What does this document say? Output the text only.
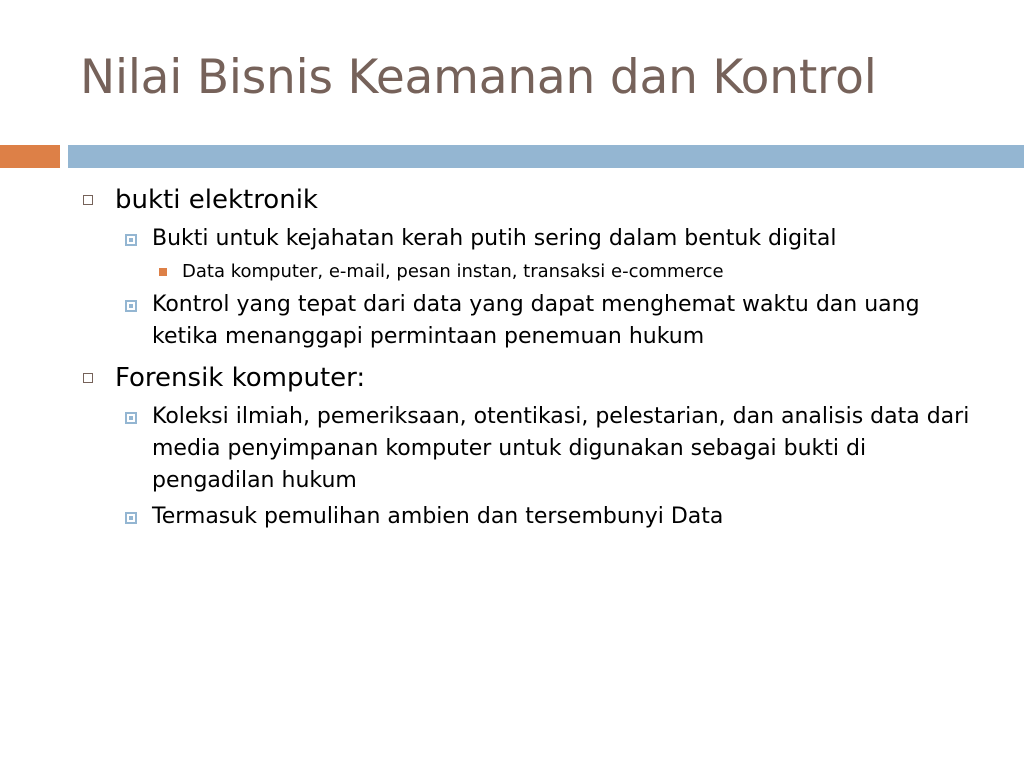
Nilai Bisnis Keamanan dan Kontrol
bukti elektronik
Bukti untuk kejahatan kerah putih sering dalam bentuk digital
Data komputer, e-mail, pesan instan, transaksi e-commerce
Kontrol yang tepat dari data yang dapat menghemat waktu dan uang ketika menanggapi permintaan penemuan hukum
Forensik komputer:
Koleksi ilmiah, pemeriksaan, otentikasi, pelestarian, dan analisis data dari media penyimpanan komputer untuk digunakan sebagai bukti di pengadilan hukum
Termasuk pemulihan ambien dan tersembunyi Data
